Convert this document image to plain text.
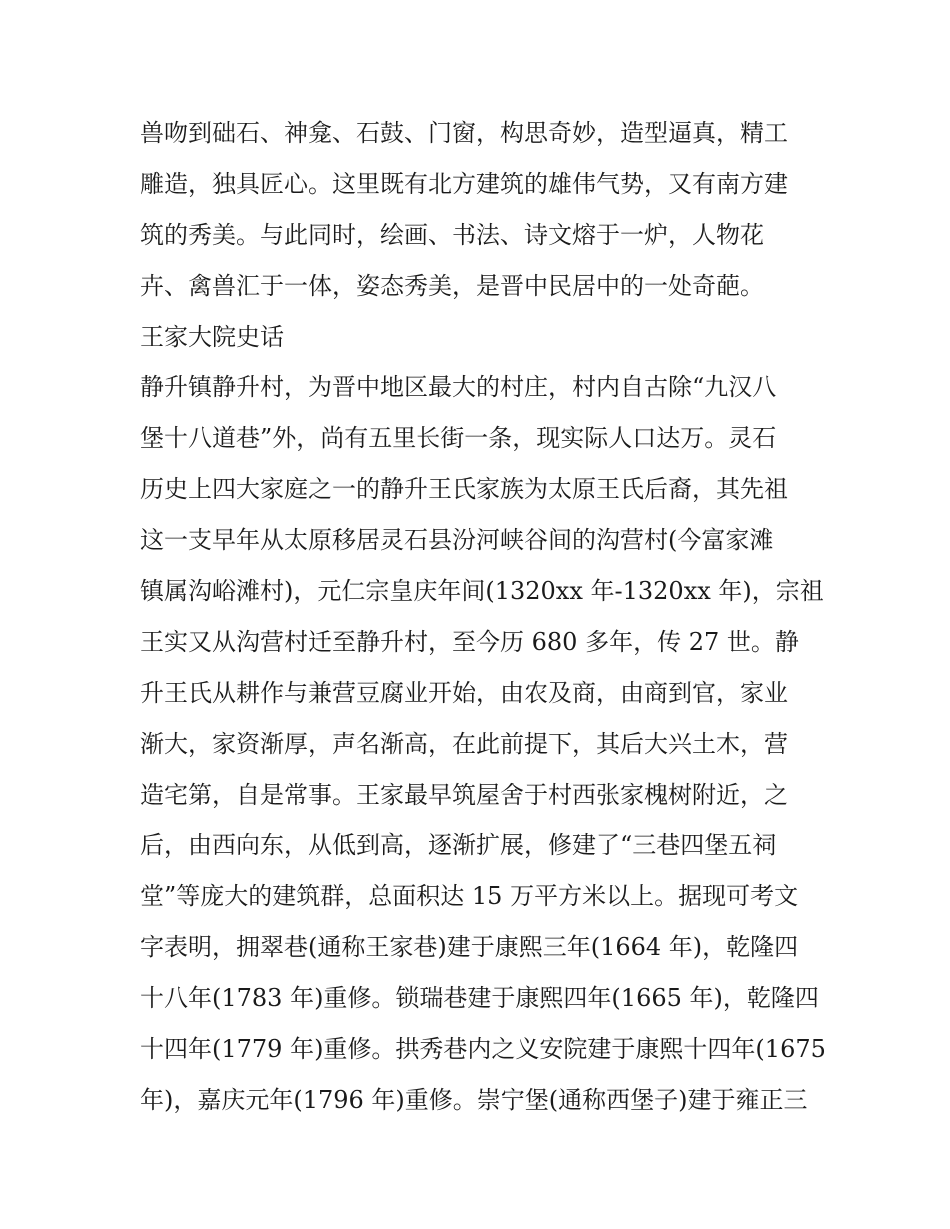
兽吻到础石、神龛、石鼓、门窗，构思奇妙，造型逼真，精工
雕造，独具匠心。这里既有北方建筑的雄伟气势，又有南方建
筑的秀美。与此同时，绘画、书法、诗文熔于一炉，人物花
卉、禽兽汇于一体，姿态秀美，是晋中民居中的一处奇葩。
王家大院史话
静升镇静升村，为晋中地区最大的村庄，村内自古除“九汉八
堡十八道巷”外，尚有五里长街一条，现实际人口达万。灵石
历史上四大家庭之一的静升王氏家族为太原王氏后裔，其先祖
这一支早年从太原移居灵石县汾河峡谷间的沟营村(今富家滩
镇属沟峪滩村)，元仁宗皇庆年间(1320xx 年-1320xx 年)，宗祖
王实又从沟营村迁至静升村，至今历 680 多年，传 27 世。静
升王氏从耕作与兼营豆腐业开始，由农及商，由商到官，家业
渐大，家资渐厚，声名渐高，在此前提下，其后大兴土木，营
造宅第，自是常事。王家最早筑屋舍于村西张家槐树附近，之
后，由西向东，从低到高，逐渐扩展，修建了“三巷四堡五祠
堂”等庞大的建筑群，总面积达 15 万平方米以上。据现可考文
字表明，拥翠巷(通称王家巷)建于康熙三年(1664 年)，乾隆四
十八年(1783 年)重修。锁瑞巷建于康熙四年(1665 年)，乾隆四
十四年(1779 年)重修。拱秀巷内之义安院建于康熙十四年(1675
年)，嘉庆元年(1796 年)重修。崇宁堡(通称西堡子)建于雍正三
